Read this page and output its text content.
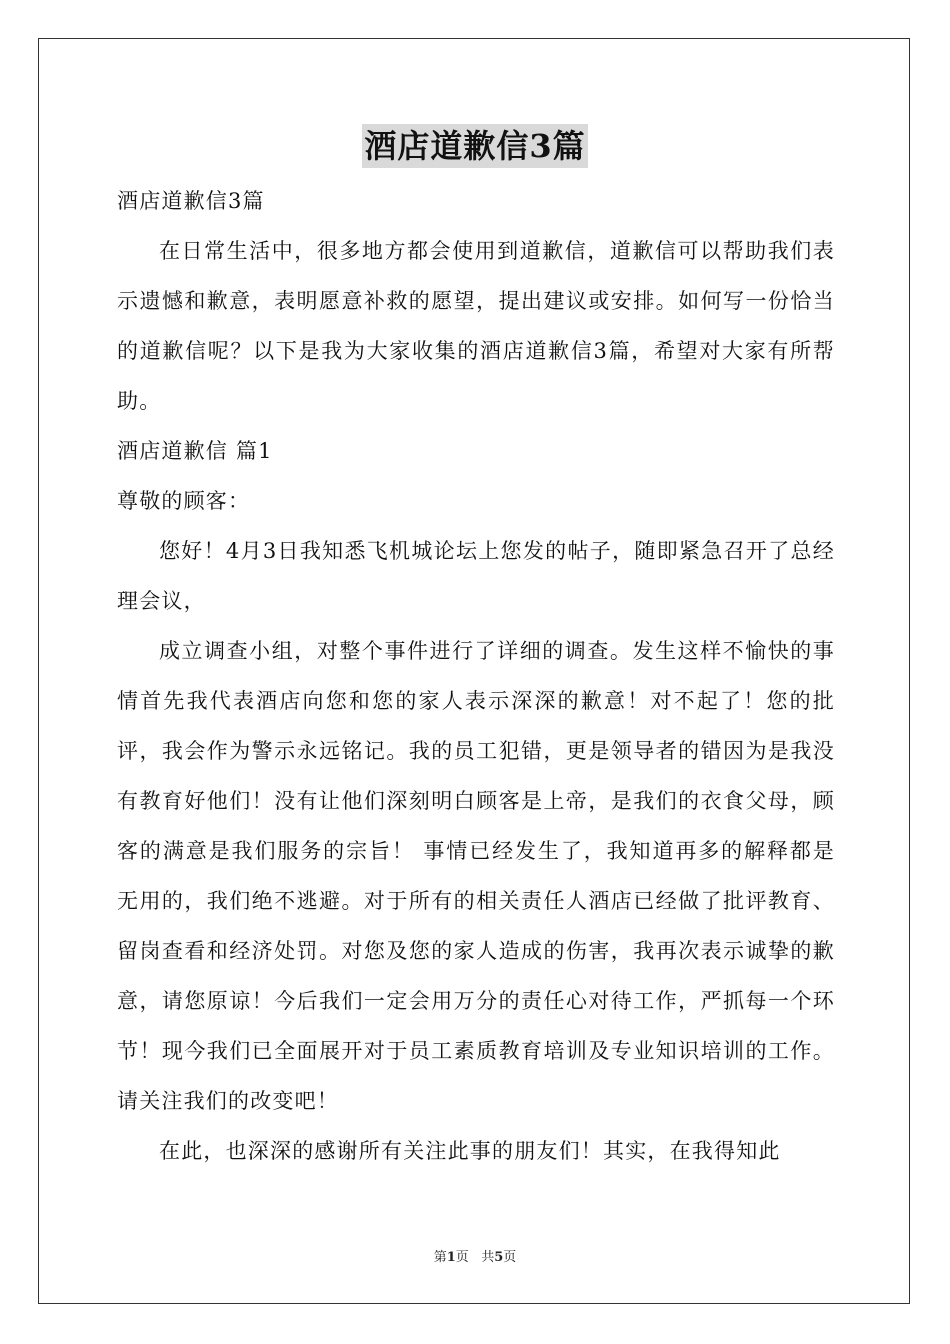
酒店道歉信3篇

酒店道歉信3篇

在日常生活中，很多地方都会使用到道歉信，道歉信可以帮助我们表示遗憾和歉意，表明愿意补救的愿望，提出建议或安排。如何写一份恰当的道歉信呢？以下是我为大家收集的酒店道歉信3篇，希望对大家有所帮助。

酒店道歉信 篇1

尊敬的顾客：

您好！4月3日我知悉飞机城论坛上您发的帖子，随即紧急召开了总经理会议，

成立调查小组，对整个事件进行了详细的调查。发生这样不愉快的事情首先我代表酒店向您和您的家人表示深深的歉意！对不起了！您的批评，我会作为警示永远铭记。我的员工犯错，更是领导者的错因为是我没有教育好他们！没有让他们深刻明白顾客是上帝，是我们的衣食父母，顾客的满意是我们服务的宗旨！ 事情已经发生了，我知道再多的解释都是无用的，我们绝不逃避。对于所有的相关责任人酒店已经做了批评教育、留岗查看和经济处罚。对您及您的家人造成的伤害，我再次表示诚挚的歉意，请您原谅！今后我们一定会用万分的责任心对待工作，严抓每一个环节！现今我们已全面展开对于员工素质教育培训及专业知识培训的工作。请关注我们的改变吧！

在此，也深深的感谢所有关注此事的朋友们！其实，在我得知此

第1页 共5页
